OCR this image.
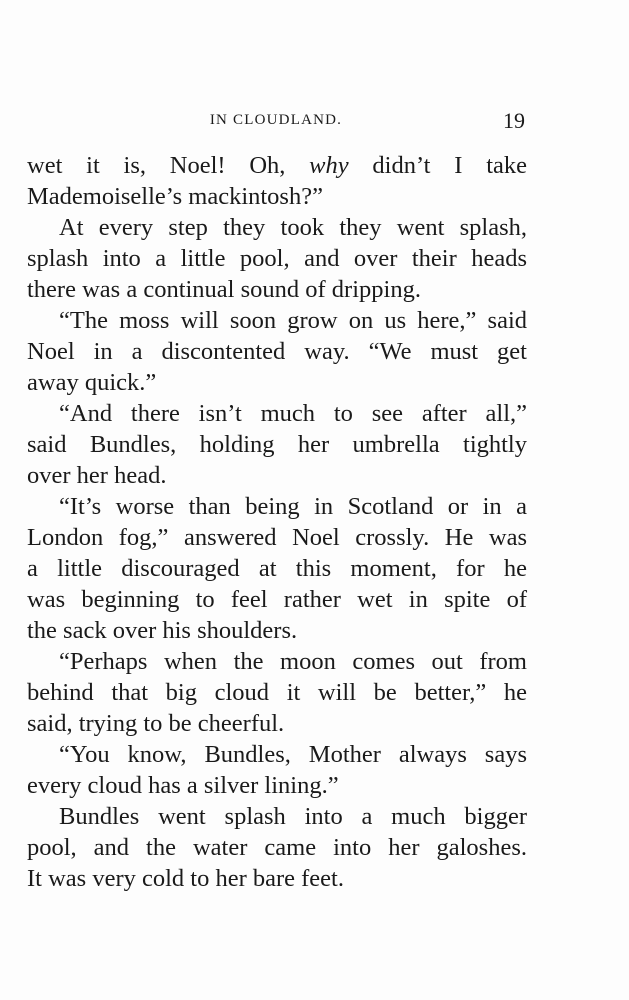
IN CLOUDLAND.	19
wet it is, Noel! Oh, why didn’t I take
Mademoiselle’s mackintosh?”
At every step they took they went splash,
splash into a little pool, and over their heads
there was a continual sound of dripping.
“The moss will soon grow on us here,” said
Noel in a discontented way. “We must get
away quick.”
“And there isn’t much to see after all,”
said Bundles, holding her umbrella tightly
over her head.
“It’s worse than being in Scotland or in a
London fog,” answered Noel crossly. He was
a little discouraged at this moment, for he
was beginning to feel rather wet in spite of
the sack over his shoulders.
“Perhaps when the moon comes out from
behind that big cloud it will be better,” he
said, trying to be cheerful.
“You know, Bundles, Mother always says
every cloud has a silver lining.”
Bundles went splash into a much bigger
pool, and the water came into her galoshes.
It was very cold to her bare feet.
